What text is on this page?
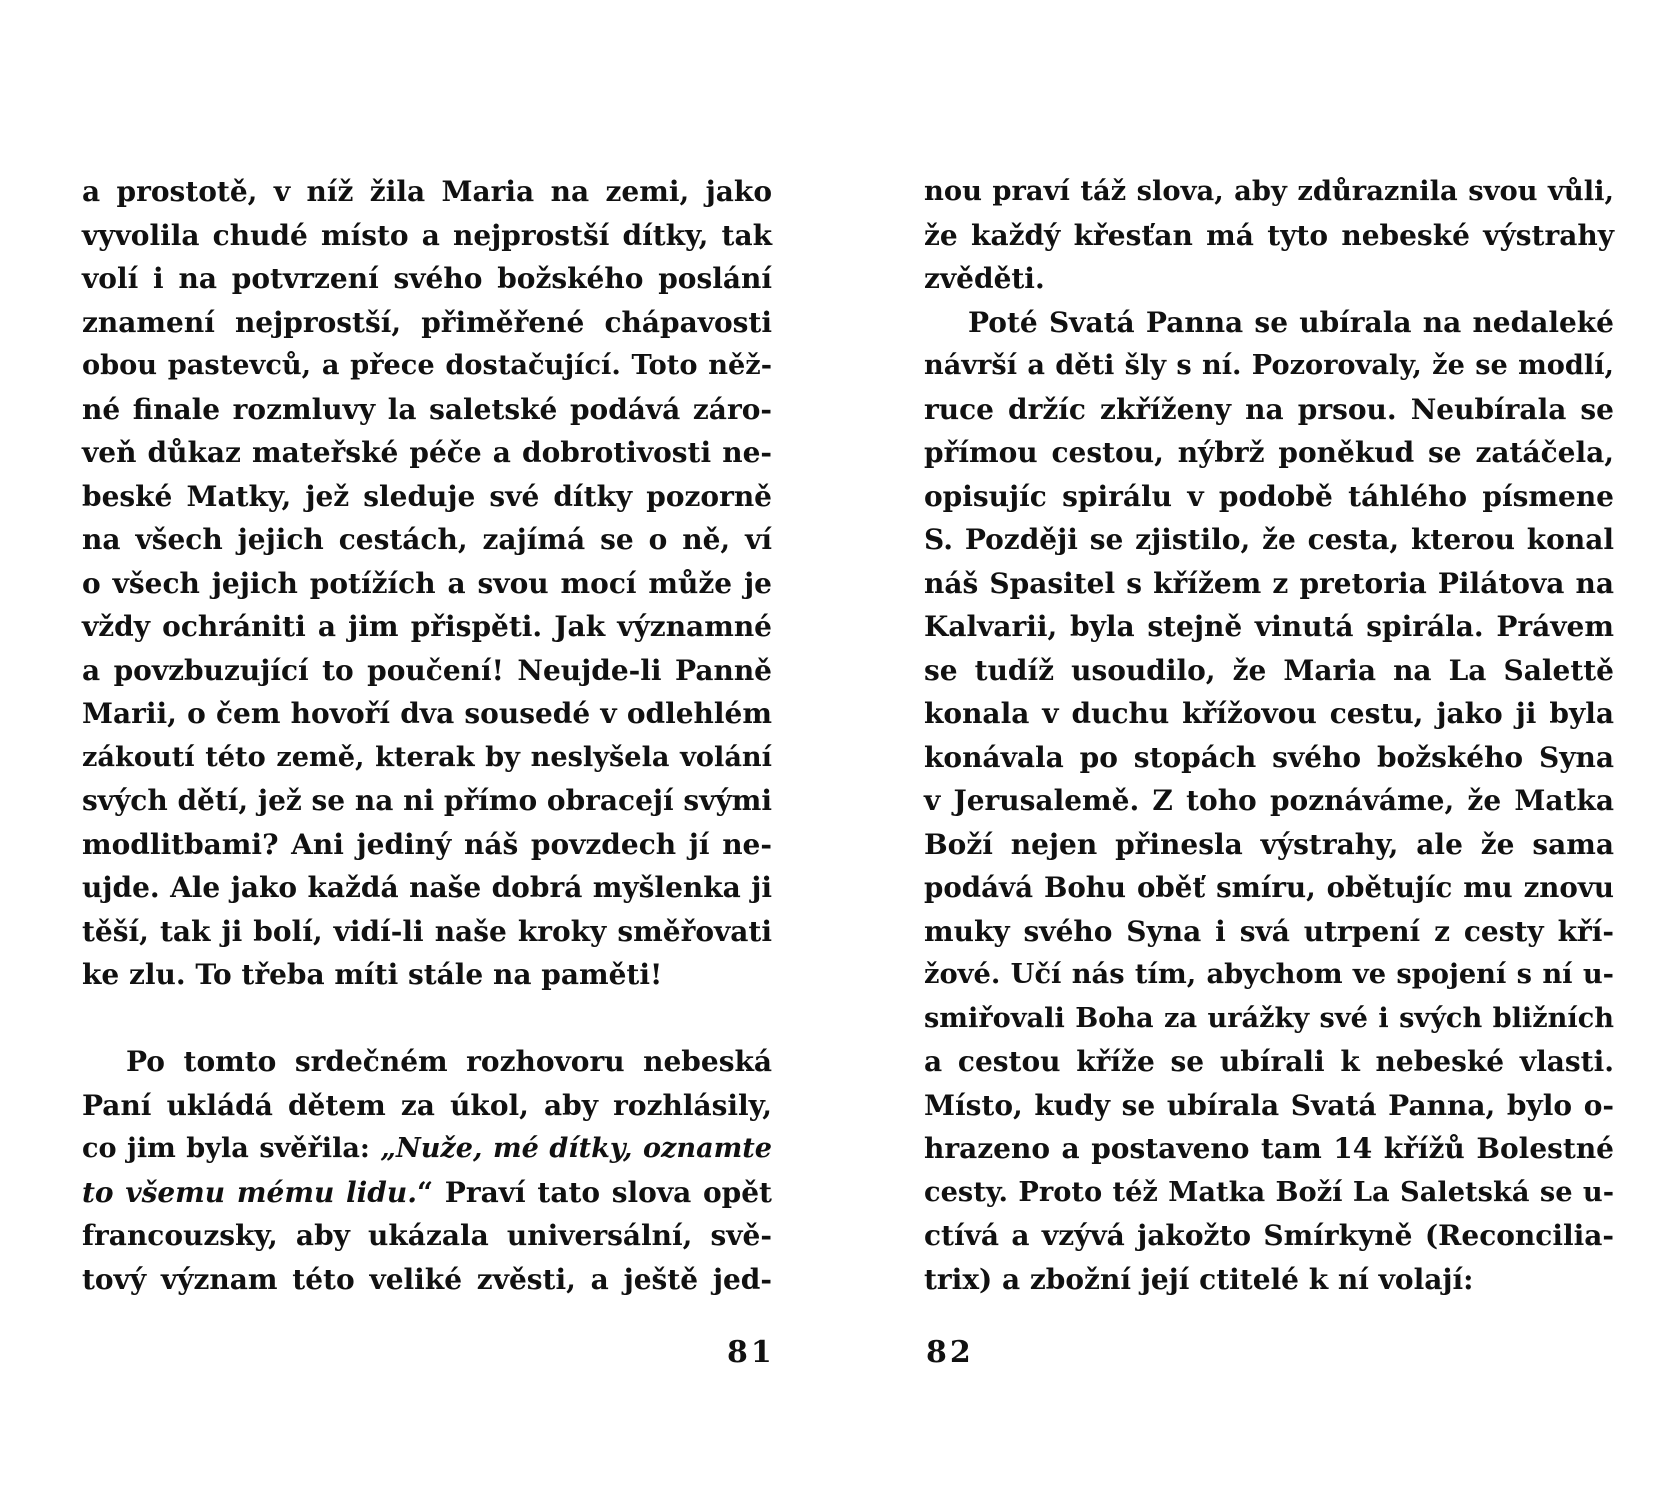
a prostotě, v níž žila Maria na zemi, jako
vyvolila chudé místo a nejprostší dítky, tak
volí i na potvrzení svého božského poslání
znamení nejprostší, přiměřené chápavosti
obou pastevců, a přece dostačující. Toto něž-
né finale rozmluvy la saletské podává záro-
veň důkaz mateřské péče a dobrotivosti ne-
beské Matky, jež sleduje své dítky pozorně
na všech jejich cestách, zajímá se o ně, ví
o všech jejich potížích a svou mocí může je
vždy ochrániti a jim přispěti. Jak významné
a povzbuzující to poučení! Neujde-li Panně
Marii, o čem hovoří dva sousedé v odlehlém
zákoutí této země, kterak by neslyšela volání
svých dětí, jež se na ni přímo obracejí svými
modlitbami? Ani jediný náš povzdech jí ne-
ujde. Ale jako každá naše dobrá myšlenka ji
těší, tak ji bolí, vidí-li naše kroky směřovati
ke zlu. To třeba míti stále na paměti!
Po tomto srdečném rozhovoru nebeská
Paní ukládá dětem za úkol, aby rozhlásily,
co jim byla svěřila: „Nuže, mé dítky, oznamte
to všemu mému lidu.“ Praví tato slova opět
francouzsky, aby ukázala universální, svě-
tový význam této veliké zvěsti, a ještě jed-
81
nou praví táž slova, aby zdůraznila svou vůli,
že každý křesťan má tyto nebeské výstrahy
zvěděti.
Poté Svatá Panna se ubírala na nedaleké
návrší a děti šly s ní. Pozorovaly, že se modlí,
ruce držíc zkříženy na prsou. Neubírala se
přímou cestou, nýbrž poněkud se zatáčela,
opisujíc spirálu v podobě táhlého písmene
S. Později se zjistilo, že cesta, kterou konal
náš Spasitel s křížem z pretoria Pilátova na
Kalvarii, byla stejně vinutá spirála. Právem
se tudíž usoudilo, že Maria na La Salettě
konala v duchu křížovou cestu, jako ji byla
konávala po stopách svého božského Syna
v Jerusalemě. Z toho poznáváme, že Matka
Boží nejen přinesla výstrahy, ale že sama
podává Bohu oběť smíru, obětujíc mu znovu
muky svého Syna i svá utrpení z cesty kří-
žové. Učí nás tím, abychom ve spojení s ní u-
smiřovali Boha za urážky své i svých bližních
a cestou kříže se ubírali k nebeské vlasti.
Místo, kudy se ubírala Svatá Panna, bylo o-
hrazeno a postaveno tam 14 křížů Bolestné
cesty. Proto též Matka Boží La Saletská se u-
ctívá a vzývá jakožto Smírkyně (Reconcilia-
trix) a zbožní její ctitelé k ní volají:
82
